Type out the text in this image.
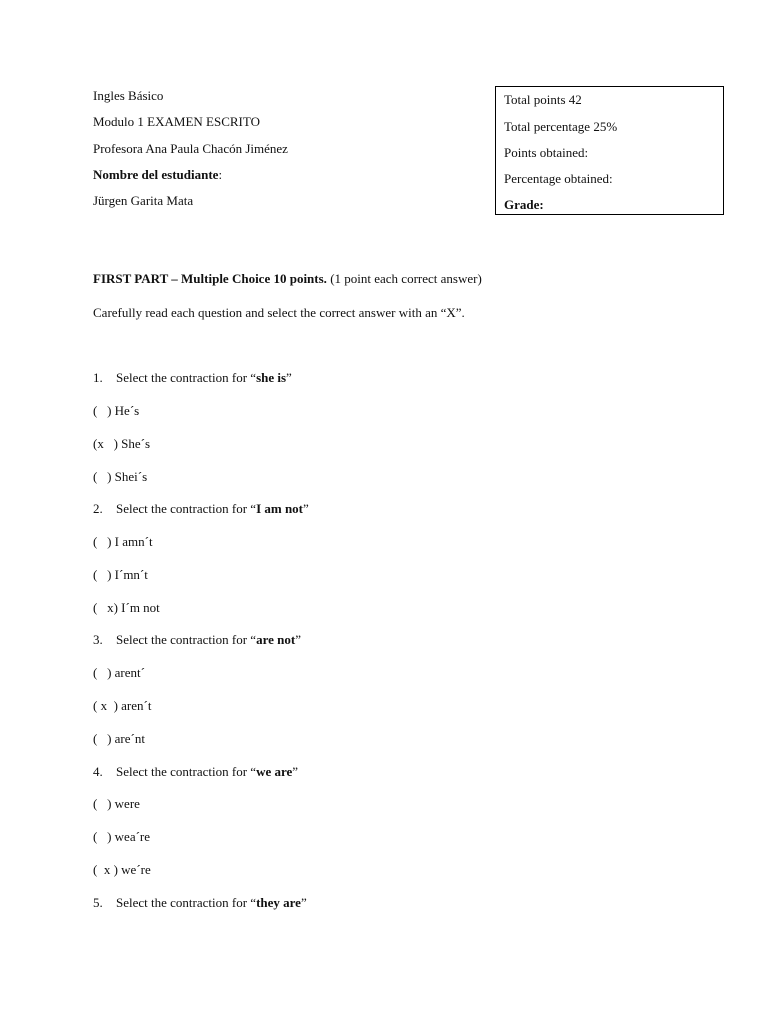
Ingles Básico
Modulo 1 EXAMEN ESCRITO
Profesora Ana Paula Chacón Jiménez
Nombre del estudiante:
Jürgen Garita Mata
Total points 42
Total percentage 25%
Points obtained:
Percentage obtained:
Grade:
FIRST PART – Multiple Choice 10 points. (1 point each correct answer)
Carefully read each question and select the correct answer with an “X”.
1. Select the contraction for “she is”
(   ) He´s
(x   ) She´s
(   ) Shei´s
2. Select the contraction for “I am not”
(   ) I amn´t
(   ) I´mn´t
(   x) I´m not
3. Select the contraction for “are not”
(   ) arent´
( x  ) aren´t
(   ) are´nt
4. Select the contraction for “we are”
(   ) were
(   ) wea´re
(  x ) we´re
5. Select the contraction for “they are”
